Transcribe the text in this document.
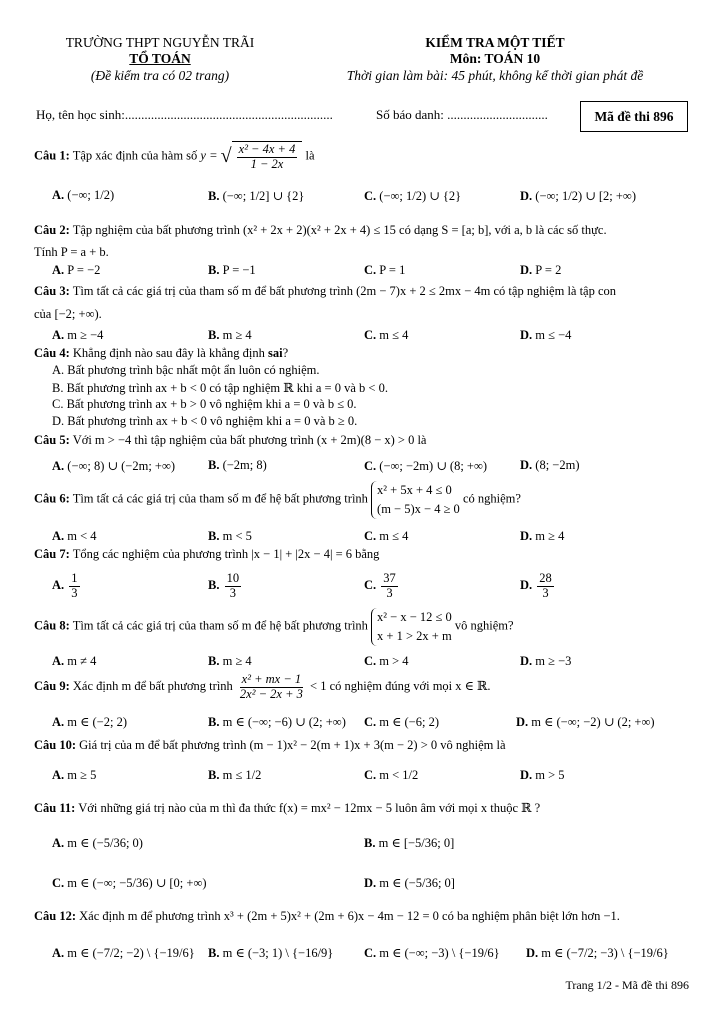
TRƯỜNG THPT NGUYỄN TRÃI
TỔ TOÁN
(Đề kiểm tra có 02 trang)
KIỂM TRA MỘT TIẾT
Môn: TOÁN 10
Thời gian làm bài: 45 phút, không kể thời gian phát đề
Họ, tên học sinh:................................................................	Số báo danh: ...............................	Mã đề thi 896
Câu 1: Tập xác định của hàm số y = √ $\frac{\text{x² − 4x + 4}}{1 - 2x}$ là
A. (−∞; 1/2)	B. (−∞; 1/2] ∪ {2}	C. (−∞; 1/2) ∪ {2}	D. (−∞; 1/2) ∪ [2; +∞)
Câu 2: Tập nghiệm của bất phương trình (x² + 2x + 2)(x² + 2x + 4) ≤ 15 có dạng S = [a; b], với a, b là các số thực.
Tính P = a + b.
A. P = −2	B. P = −1	C. P = 1	D. P = 2
Câu 3: Tìm tất cả các giá trị của tham số m để bất phương trình (2m − 7)x + 2 ≤ 2mx − 4m có tập nghiệm là tập con
của [−2; +∞).
A. m ≥ −4	B. m ≥ 4	C. m ≤ 4	D. m ≤ −4
Câu 4: Khẳng định nào sau đây là khẳng định sai?
A. Bất phương trình bậc nhất một ẩn luôn có nghiệm.
B. Bất phương trình ax + b < 0 có tập nghiệm ℝ khi a = 0 và b < 0.
C. Bất phương trình ax + b > 0 vô nghiệm khi a = 0 và b ≤ 0.
D. Bất phương trình ax + b < 0 vô nghiệm khi a = 0 và b ≥ 0.
Câu 5: Với m > −4 thì tập nghiệm của bất phương trình (x + 2m)(8 − x) > 0 là
A. (−∞; 8) ∪ (−2m; +∞)	B. (−2m; 8)	C. (−∞; −2m) ∪ (8; +∞)	D. (8; −2m)
Câu 6: Tìm tất cả các giá trị của tham số m để hệ bất phương trình
x² + 5x + 4 ≤ 0
(m − 5)x − 4 ≥ 0
có nghiệm?
A. m < 4	B. m < 5	C. m ≤ 4	D. m ≥ 4
Câu 7: Tổng các nghiệm của phương trình |x − 1| + |2x − 4| = 6 bằng
A. $\frac{1}{3}$	B. $\frac{10}{3}$	C. $\frac{37}{3}$	D. $\frac{28}{3}$
Câu 8: Tìm tất cả các giá trị của tham số m để hệ bất phương trình
x² − x − 12 ≤ 0
x + 1 > 2x + m
vô nghiệm?
A. m ≠ 4	B. m ≥ 4	C. m > 4	D. m ≥ −3
Câu 9: Xác định m để bất phương trình $\frac{\text{x² + mx − 1}}{\text{2x² − 2x + 3}} < 1$ có nghiệm đúng với mọi x ∈ ℝ.
A. m ∈ (−2; 2)	B. m ∈ (−∞; −6) ∪ (2; +∞) C. m ∈ (−6; 2)	D. m ∈ (−∞; −2) ∪ (2; +∞)
Câu 10: Giá trị của m để bất phương trình (m − 1)x² − 2(m + 1)x + 3(m − 2) > 0 vô nghiệm là
A. m ≥ 5	B. m ≤ 1/2	C. m < 1/2	D. m > 5
Câu 11: Với những giá trị nào của m thì đa thức f(x) = mx² − 12mx − 5 luôn âm với mọi x thuộc ℝ ?
A. m ∈ (−5/36; 0)	B. m ∈ [−5/36; 0]
C. m ∈ (−∞; −5/36) ∪ [0; +∞)	D. m ∈ (−5/36; 0]
Câu 12: Xác định m để phương trình x³ + (2m + 5)x² + (2m + 6)x − 4m − 12 = 0 có ba nghiệm phân biệt lớn hơn −1.
A. m ∈ (−7/2; −2) \ {−19/6} B. m ∈ (−3; 1) \ {−16/9} C. m ∈ (−∞; −3) \ {−19/6} D. m ∈ (−7/2; −3) \ {−19/6}
Trang 1/2 - Mã đề thi 896
